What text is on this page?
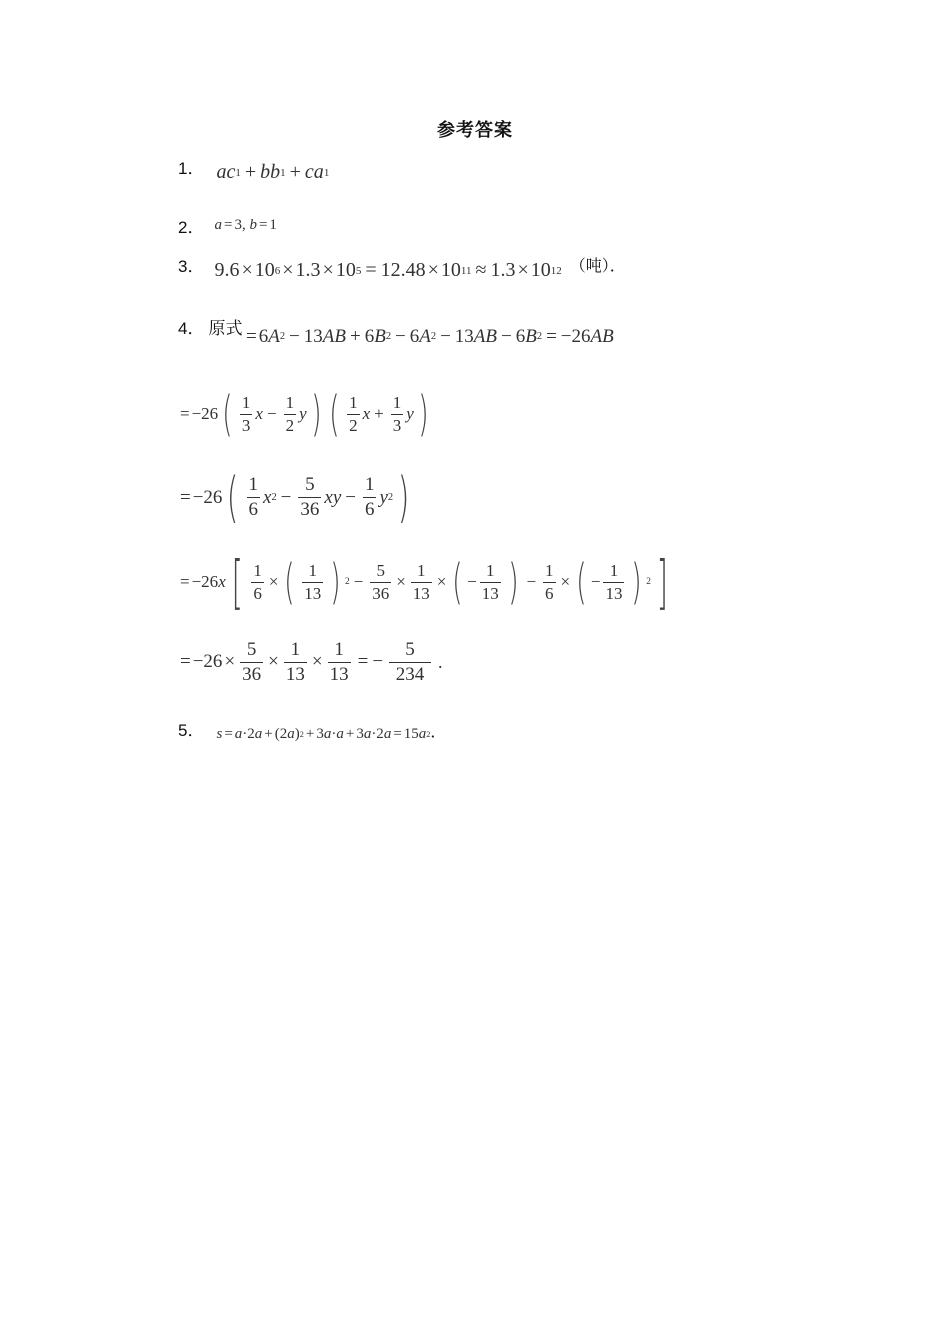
参考答案
1． ac 1 + bb 1 + ca 1
2． a = 3, b = 1
3． 9.6 × 10 6 × 1.3 × 10 5 = 12.48 × 10 11 ≈ 1.3 × 10 12 （吨）．
4． 原式 = 6 A 2 − 13 AB + 6 B 2 − 6 A 2 − 13 AB − 6 B 2 = −26 AB
= −26 ( $\frac{1}{3}$ $x - \frac{1}{2}$ y ) ( $\frac{1}{2}$ $x + \frac{1}{3}$ y )
= −26 ( $\frac{1}{6}$ x $2 - \frac{5}{36}$ xy − $\frac{1}{6}$ y 2 )
= −26 x [ $\frac{1}{6}$ × ( $\frac{1}{13}$ ) $2 - \frac{5}{36} \times \frac{1}{13}$ × ( − $\frac{1}{13}$ ) − $\frac{1}{6}$ × ( − $\frac{1}{13}$ ) 2 ]
= $-26 \times \frac{5}{36} \times \frac{1}{13} \times \frac{1}{13}$ = − $\frac{5}{234}$ .
5． s = a ·2 a + (2 a ) 2 + 3 a · a + 3 a ·2 a = 15 a 2 ．
